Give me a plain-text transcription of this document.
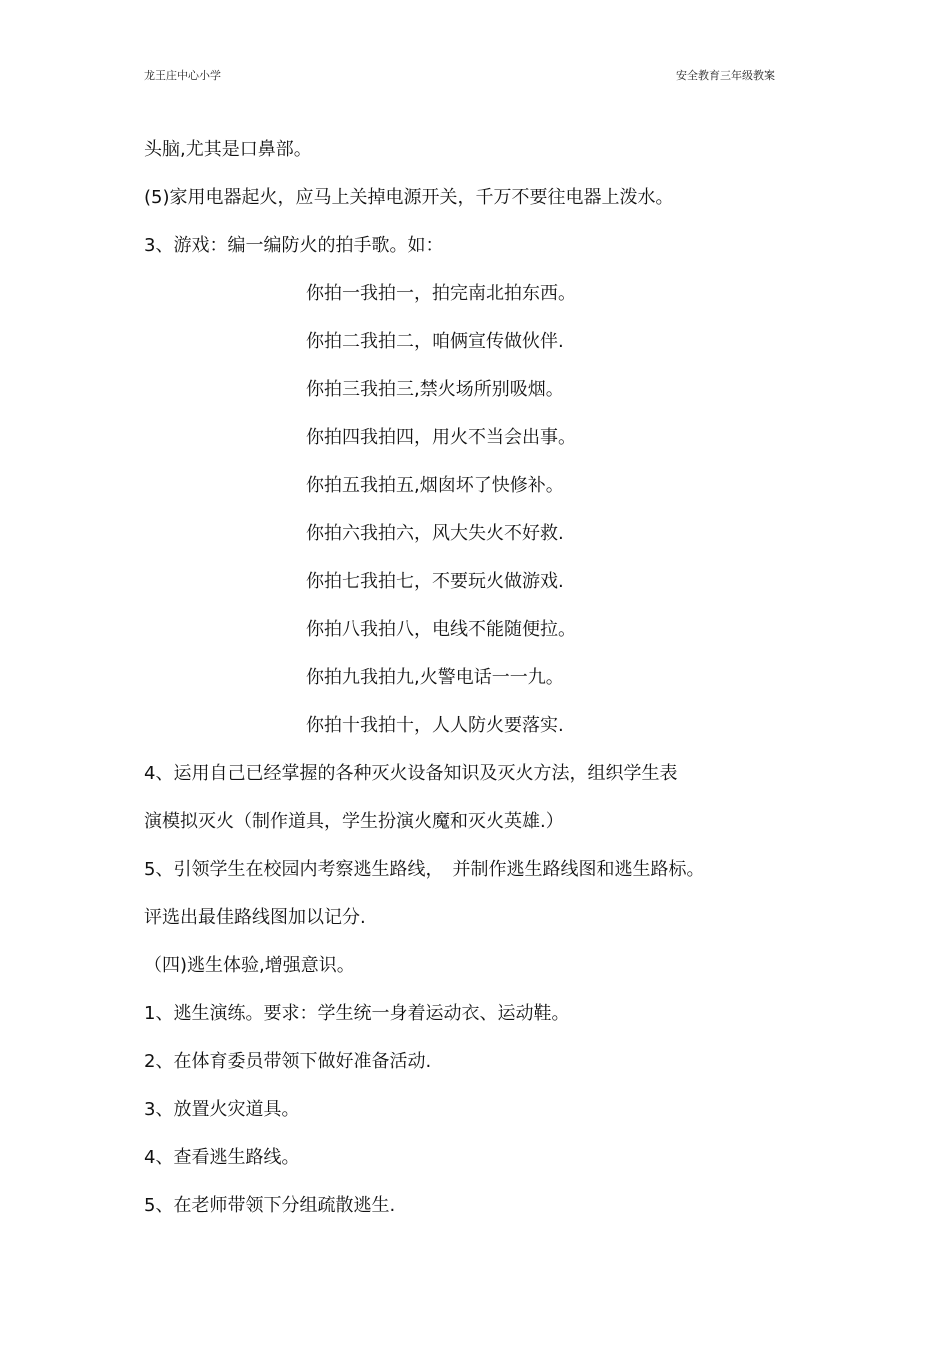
龙王庄中心小学	安全教育三年级教案
头脑,尤其是口鼻部。
(5)家用电器起火，应马上关掉电源开关，千万不要往电器上泼水。
3、游戏：编一编防火的拍手歌。如：
你拍一我拍一，拍完南北拍东西。
你拍二我拍二，咱俩宣传做伙伴.
你拍三我拍三,禁火场所别吸烟。
你拍四我拍四，用火不当会出事。
你拍五我拍五,烟囱坏了快修补。
你拍六我拍六，风大失火不好救.
你拍七我拍七，不要玩火做游戏.
你拍八我拍八，电线不能随便拉。
你拍九我拍九,火警电话一一九。
你拍十我拍十，人人防火要落实.
4、运用自己已经掌握的各种灭火设备知识及灭火方法，组织学生表
演模拟灭火（制作道具，学生扮演火魔和灭火英雄.）
5、引领学生在校园内考察逃生路线，　并制作逃生路线图和逃生路标。
评选出最佳路线图加以记分.
（四)逃生体验,增强意识。
1、逃生演练。要求：学生统一身着运动衣、运动鞋。
2、在体育委员带领下做好准备活动.
3、放置火灾道具。
4、查看逃生路线。
5、在老师带领下分组疏散逃生.
